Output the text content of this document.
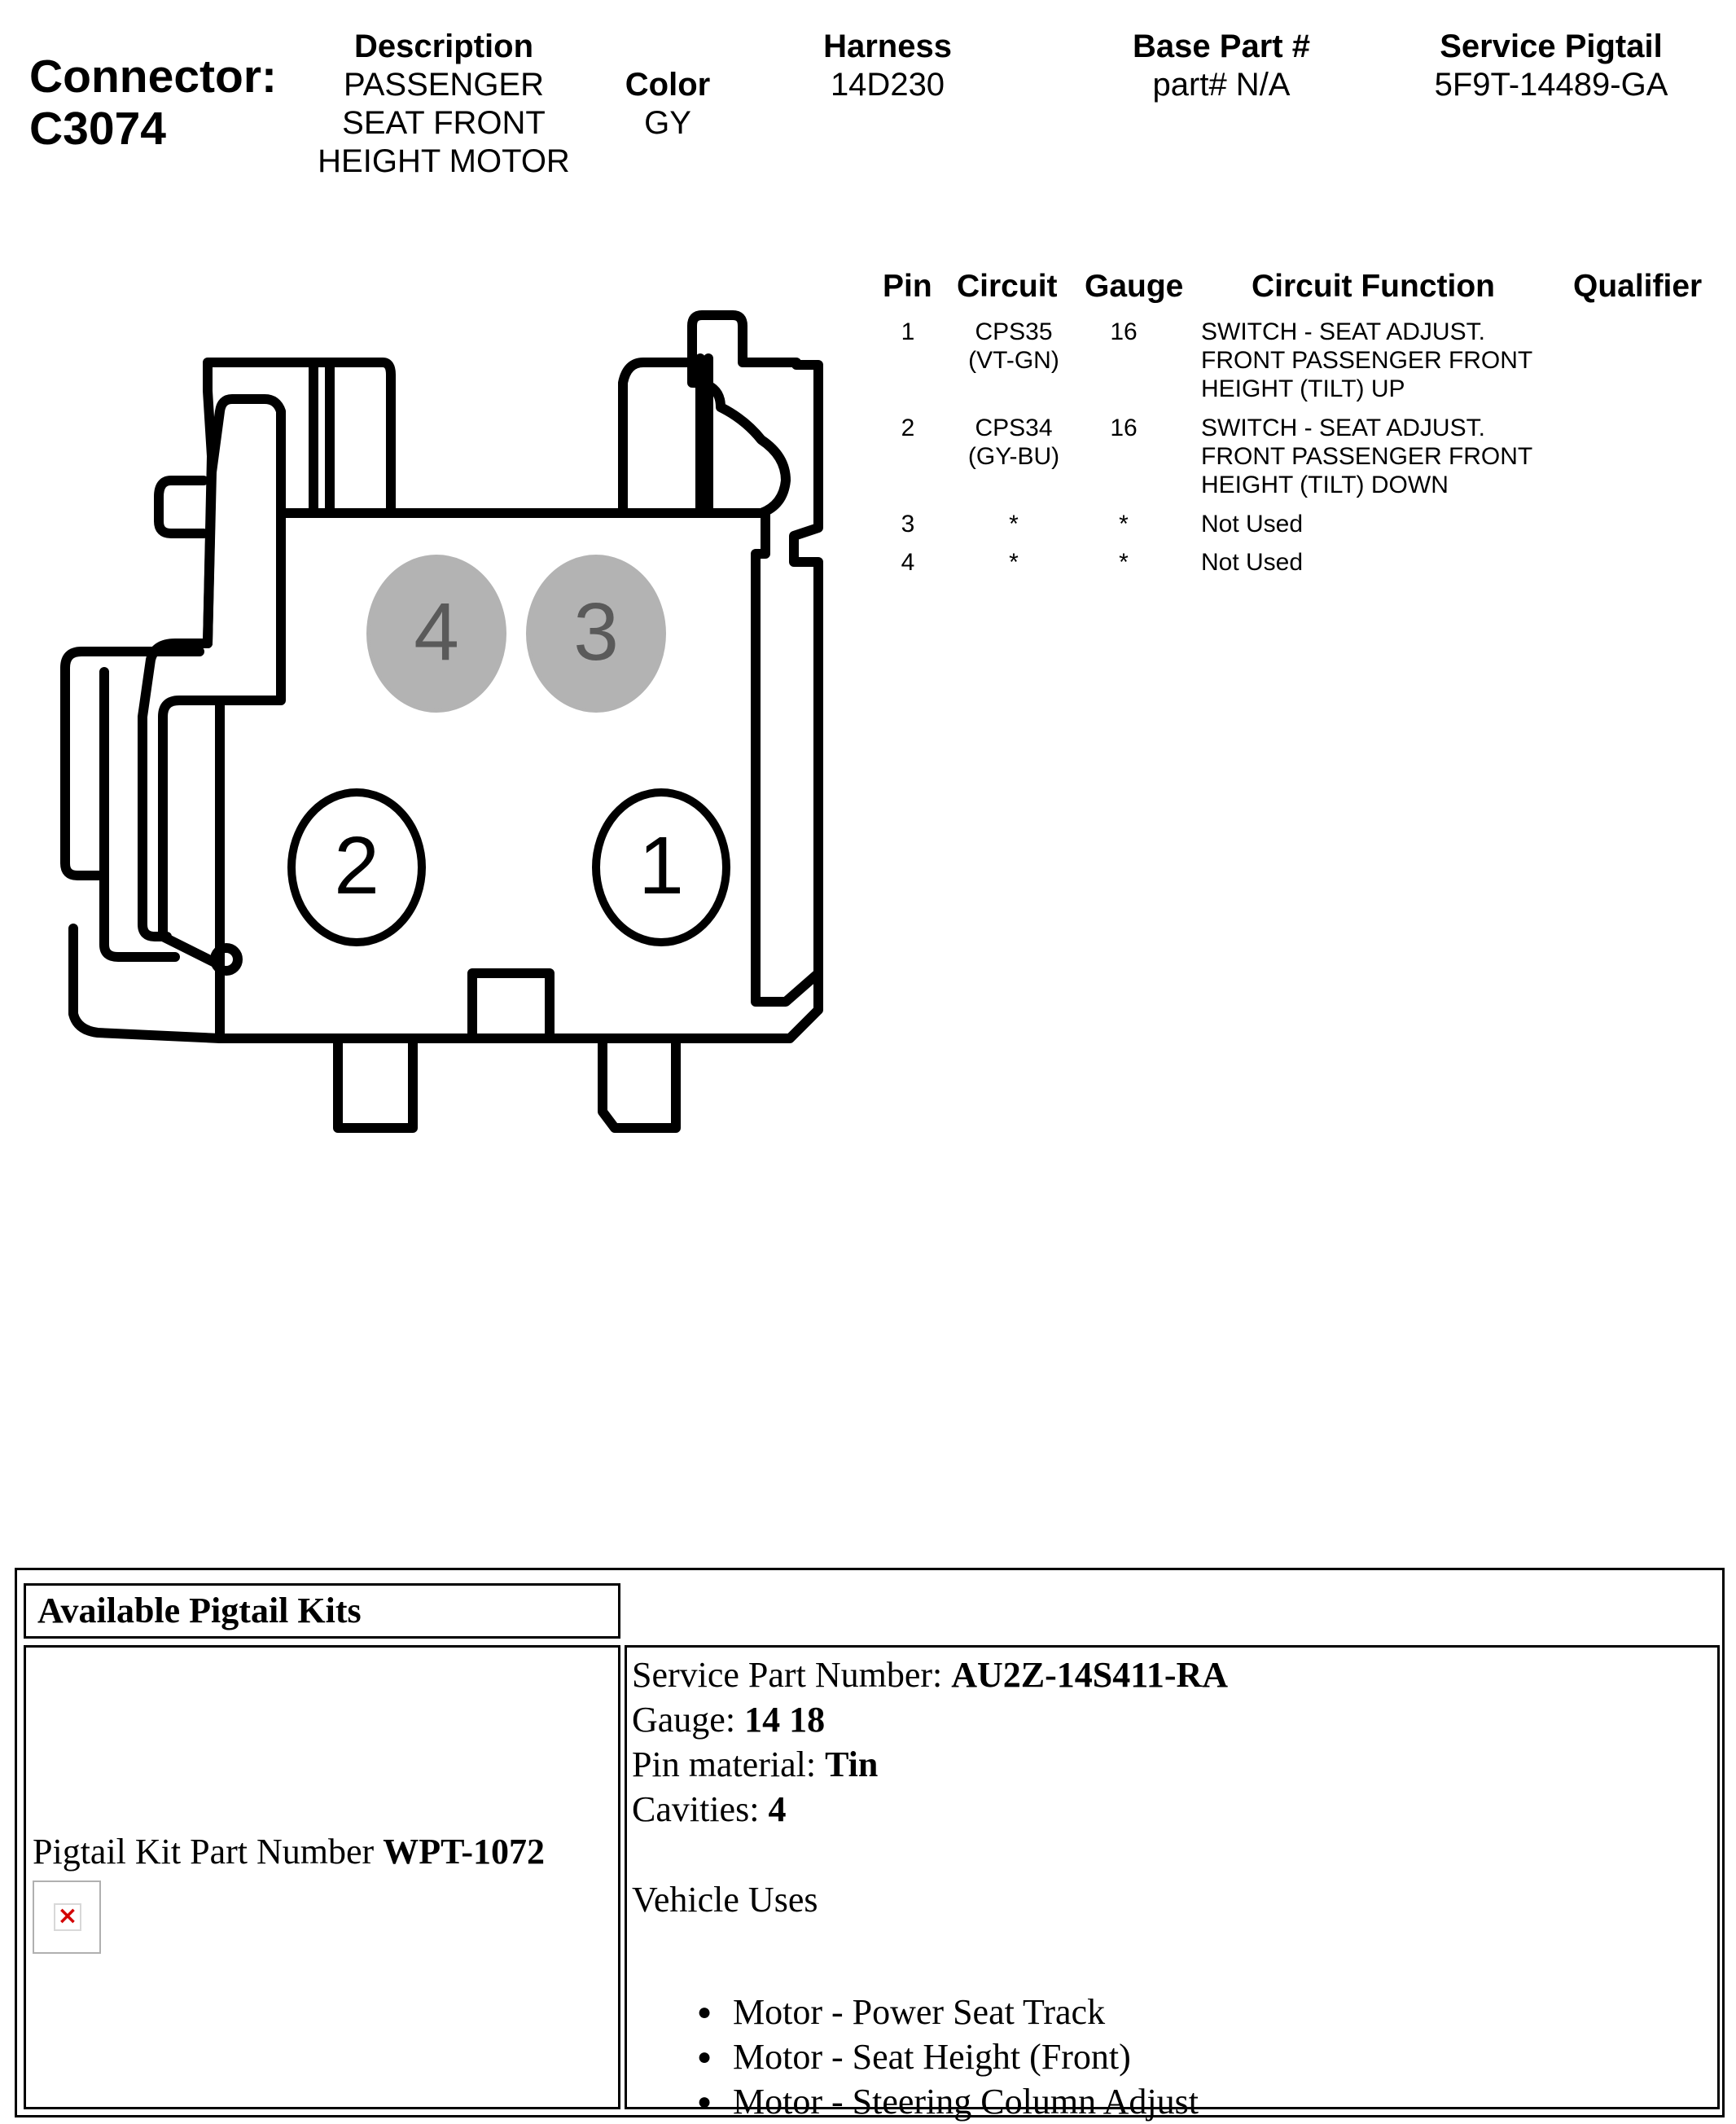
Connector:
C3074
Description
PASSENGER
SEAT FRONT
HEIGHT MOTOR
Color
GY
Harness
14D230
Base Part #
part# N/A
Service Pigtail
5F9T-14489-GA
Pin Circuit Gauge Circuit Function Qualifier
1	CPS35
(VT-GN)
16	SWITCH - SEAT ADJUST.
FRONT PASSENGER FRONT
HEIGHT (TILT) UP
2	CPS34
(GY-BU)
16	SWITCH - SEAT ADJUST.
FRONT PASSENGER FRONT
HEIGHT (TILT) DOWN
3	*	*	Not Used
4	*	*	Not Used
4 3
2	1
Available Pigtail Kits
Pigtail Kit Part Number WPT-1072
×
Service Part Number: AU2Z-14S411-RA
Gauge: 14 18
Pin material: Tin
Cavities: 4
Vehicle Uses
● Motor - Power Seat Track
● Motor - Seat Height (Front)
● Motor - Steering Column Adjust
